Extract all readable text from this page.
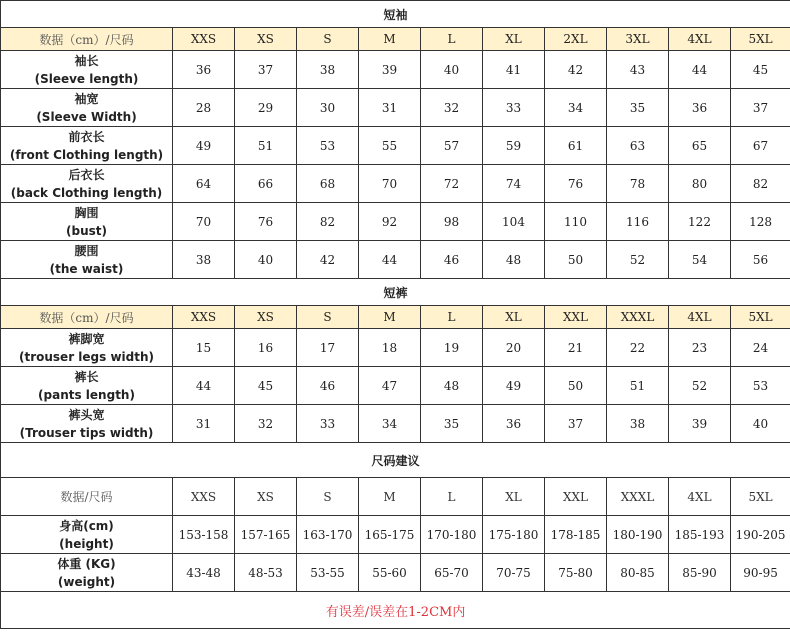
短袖										
数据（cm）/尺码	XXS	XS	S	M	L	XL	2XL	3XL	4XL	5XL

袖长
(Sleeve length)	36	37	38	39	40	41	42	43	44	45

袖宽
(Sleeve Width)	28	29	30	31	32	33	34	35	36	37

前衣长
(front Clothing length)	49	51	53	55	57	59	61	63	65	67

后衣长
(back Clothing length)	64	66	68	70	72	74	76	78	80	82

胸围
(bust)	70	76	82	92	98	104	110	116	122	128

腰围
(the waist)	38	40	42	44	46	48	50	52	54	56
短裤										
数据（cm）/尺码	XXS	XS	S	M	L	XL	XXL	XXXL	4XL	5XL

裤脚宽
(trouser legs width)	15	16	17	18	19	20	21	22	23	24

裤长
(pants length)	44	45	46	47	48	49	50	51	52	53

裤头宽
(Trouser tips width)	31	32	33	34	35	36	37	38	39	40
尺码建议										
数据/尺码	XXS	XS	S	M	L	XL	XXL	XXXL	4XL	5XL

身高(cm)
(height)	153-158	157-165	163-170	165-175	170-180	175-180	178-185	180-190	185-193	190-205

体重 (KG)
(weight)	43-48	48-53	53-55	55-60	65-70	70-75	75-80	80-85	85-90	90-95
有误差/误差在1-2CM内										
